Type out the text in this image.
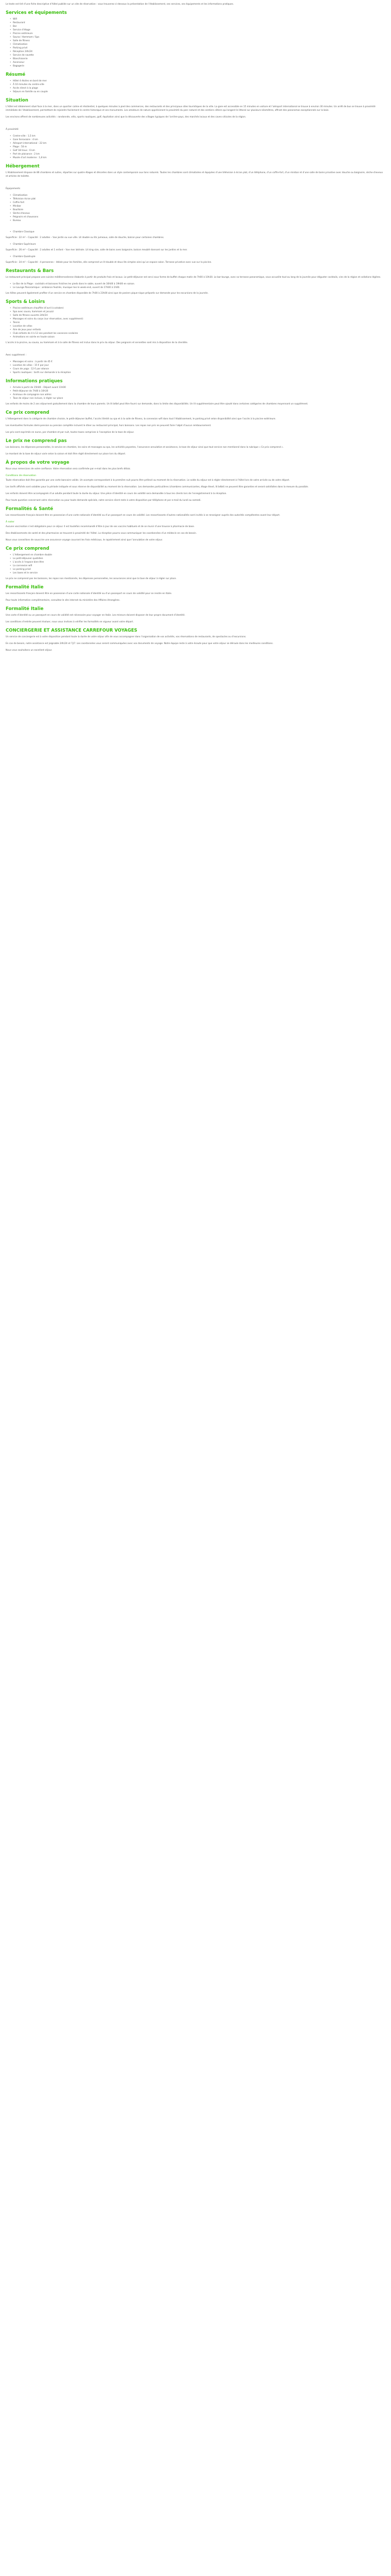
Le texte est tiré d’une fiche descriptive d’hôtel publiée sur un site de réservation : vous trouverez ci-dessous la présentation de l’établissement, ses services, ses équipements et les informations pratiques.
Services et équipements
• Wifi
• Restaurant
• Bar
• Service d’étage
• Piscine extérieure
• Sauna / Hammam / Spa
• Salle de fitness
• Climatisation
• Parking privé
• Réception 24h/24
• Service de navette
• Blanchisserie
• Ascenseur
• Bagagerie
Résumé
• Hôtel 4 étoiles en bord de mer
• À 10 minutes du centre-ville
• Accès direct à la plage
• Séjours en famille ou en couple
Situation
L’hôtel est idéalement situé face à la mer, dans un quartier calme et résidentiel, à quelques minutes à pied des commerces, des restaurants et des principaux sites touristiques de la ville. La gare est accessible en 15 minutes en voiture et l’aéroport international se trouve à environ 30 minutes. Un arrêt de bus se trouve à proximité immédiate de l’établissement, permettant de rejoindre facilement le centre historique et ses monuments. Les amateurs de nature apprécieront la proximité du parc naturel et des sentiers côtiers qui longent le littoral sur plusieurs kilomètres, offrant des panoramas exceptionnels sur la baie.
Les environs offrent de nombreuses activités : randonnée, vélo, sports nautiques, golf, équitation ainsi que la découverte des villages typiques de l’arrière-pays, des marchés locaux et des caves viticoles de la région.
À proximité
• Centre-ville : 1,5 km
• Gare ferroviaire : 4 km
• Aéroport international : 22 km
• Plage : 50 m
• Golf 18 trous : 6 km
• Port de plaisance : 2 km
• Musée d’art moderne : 1,8 km
Hébergement
L’établissement dispose de 86 chambres et suites, réparties sur quatre étages et décorées dans un style contemporain aux tons naturels. Toutes les chambres sont climatisées et équipées d’une télévision à écran plat, d’un téléphone, d’un coffre-fort, d’un minibar et d’une salle de bains privative avec douche ou baignoire, sèche-cheveux et articles de toilette.
Équipements
• Climatisation
• Télévision écran plat
• Coffre-fort
• Minibar
• Bouilloire
• Sèche-cheveux
• Peignoirs et chaussons
• Bureau
• Chambre Classique
Superficie : 22 m² – Capacité : 2 adultes – Vue jardin ou vue ville. Lit double ou lits jumeaux, salle de douche, balcon pour certaines chambres.
• Chambre Supérieure
Superficie : 26 m² – Capacité : 2 adultes et 1 enfant – Vue mer latérale. Lit king size, salle de bains avec baignoire, balcon meublé donnant sur les jardins et la mer.
• Chambre Quadruple
Superficie : 34 m² – Capacité : 4 personnes – Idéale pour les familles, elle comprend un lit double et deux lits simples ainsi qu’un espace salon. Terrasse privative avec vue sur la piscine.
Restaurants & Bars
Le restaurant principal propose une cuisine méditerranéenne élaborée à partir de produits frais et locaux. Le petit-déjeuner est servi sous forme de buffet chaque matin de 7h00 à 10h30. Le bar-lounge, avec sa terrasse panoramique, vous accueille tout au long de la journée pour déguster cocktails, vins de la région et collations légères.
• Le Bar de la Plage : cocktails et boissons fraîches les pieds dans le sable, ouvert de 10h00 à 19h00 en saison.
• Le Lounge Panoramique : ambiance feutrée, musique live le week-end, ouvert de 17h00 à 1h00.
Les hôtes peuvent également profiter d’un service en chambre disponible de 7h00 à 23h00 ainsi que de paniers pique-nique préparés sur demande pour les excursions de la journée.
Sports & Loisirs
• Piscine extérieure chauffée (d’avril à octobre)
• Spa avec sauna, hammam et jacuzzi
• Salle de fitness ouverte 24h/24
• Massages et soins du corps (sur réservation, avec supplément)
• Tennis
• Location de vélos
• Aire de jeux pour enfants
• Club enfants de 4 à 12 ans pendant les vacances scolaires
• Animations en soirée en haute saison
L’accès à la piscine, au sauna, au hammam et à la salle de fitness est inclus dans le prix du séjour. Des peignoirs et serviettes sont mis à disposition de la clientèle.
Avec supplément :
• Massages et soins : à partir de 45 €
• Location de vélos : 15 € par jour
• Cours de yoga : 12 € par séance
• Sports nautiques : tarifs sur demande à la réception
Informations pratiques
• Arrivée à partir de 15h00 – Départ avant 11h00
• Petit-déjeuner de 7h00 à 10h30
• Animaux de compagnie non admis
• Taxe de séjour non incluse, à régler sur place
Les enfants de moins de 2 ans séjournent gratuitement dans la chambre de leurs parents. Un lit bébé peut être fourni sur demande, dans la limite des disponibilités. Un lit supplémentaire peut être ajouté dans certaines catégories de chambres moyennant un supplément.
Ce prix comprend
L’hébergement dans la catégorie de chambre choisie, le petit-déjeuner buffet, l’accès illimité au spa et à la salle de fitness, la connexion wifi dans tout l’établissement, le parking privé selon disponibilité ainsi que l’accès à la piscine extérieure.
Les éventuelles formules demi-pension ou pension complète incluent le dîner au restaurant principal, hors boissons. Les repas non pris ne peuvent faire l’objet d’aucun remboursement.
Les prix sont exprimés en euros, par chambre et par nuit, toutes taxes comprises à l’exception de la taxe de séjour.
Le prix ne comprend pas
Les boissons, les dépenses personnelles, le service en chambre, les soins et massages au spa, les activités payantes, l’assurance annulation et assistance, la taxe de séjour ainsi que tout service non mentionné dans la rubrique « Ce prix comprend ».
Le montant de la taxe de séjour varie selon la saison et doit être réglé directement sur place lors du départ.
À propos de votre voyage
Nous vous remercions de votre confiance. Votre réservation sera confirmée par e-mail dans les plus brefs délais.
Conditions de réservation
Toute réservation doit être garantie par une carte bancaire valide. Un acompte correspondant à la première nuit pourra être prélevé au moment de la réservation. Le solde du séjour est à régler directement à l’hôtel lors de votre arrivée ou de votre départ.
Les tarifs affichés sont valables pour la période indiquée et sous réserve de disponibilité au moment de la réservation. Les demandes particulières (chambres communicantes, étage élevé, lit bébé) ne peuvent être garanties et seront satisfaites dans la mesure du possible.
Les enfants doivent être accompagnés d’un adulte pendant toute la durée du séjour. Une pièce d’identité en cours de validité sera demandée à tous les clients lors de l’enregistrement à la réception.
Pour toute question concernant votre réservation ou pour toute demande spéciale, notre service client reste à votre disposition par téléphone et par e-mail du lundi au samedi.
Formalités & Santé
Les ressortissants français doivent être en possession d’une carte nationale d’identité ou d’un passeport en cours de validité. Les ressortissants d’autres nationalités sont invités à se renseigner auprès des autorités compétentes avant leur départ.
À noter
Aucune vaccination n’est obligatoire pour ce séjour. Il est toutefois recommandé d’être à jour de ses vaccins habituels et de se munir d’une trousse à pharmacie de base.
Des établissements de santé et des pharmacies se trouvent à proximité de l’hôtel. La réception pourra vous communiquer les coordonnées d’un médecin en cas de besoin.
Nous vous conseillons de souscrire une assurance voyage couvrant les frais médicaux, le rapatriement ainsi que l’annulation de votre séjour.
Ce prix comprend
• L’hébergement en chambre double
• Le petit-déjeuner quotidien
• L’accès à l’espace bien-être
• La connexion wifi
• Le parking privé
• Les taxes et le service
Le prix ne comprend pas les boissons, les repas non mentionnés, les dépenses personnelles, les assurances ainsi que la taxe de séjour à régler sur place.
Formalité Italie
Les ressortissants français doivent être en possession d’une carte nationale d’identité ou d’un passeport en cours de validité pour se rendre en Italie.
Pour toute information complémentaire, consultez le site internet du ministère des Affaires étrangères.
Formalité Italie
Une carte d’identité ou un passeport en cours de validité est nécessaire pour voyager en Italie. Les mineurs doivent disposer de leur propre document d’identité.
Les conditions d’entrée peuvent évoluer, nous vous invitons à vérifier les formalités en vigueur avant votre départ.
CONCIERGERIE ET ASSISTANCE CARREFOUR VOYAGES
Un service de conciergerie est à votre disposition pendant toute la durée de votre séjour afin de vous accompagner dans l’organisation de vos activités, vos réservations de restaurants, de spectacles ou d’excursions.
En cas de besoin, notre assistance est joignable 24h/24 et 7j/7. Les coordonnées vous seront communiquées avec vos documents de voyage. Notre équipe reste à votre écoute pour que votre séjour se déroule dans les meilleures conditions.
Nous vous souhaitons un excellent séjour.
